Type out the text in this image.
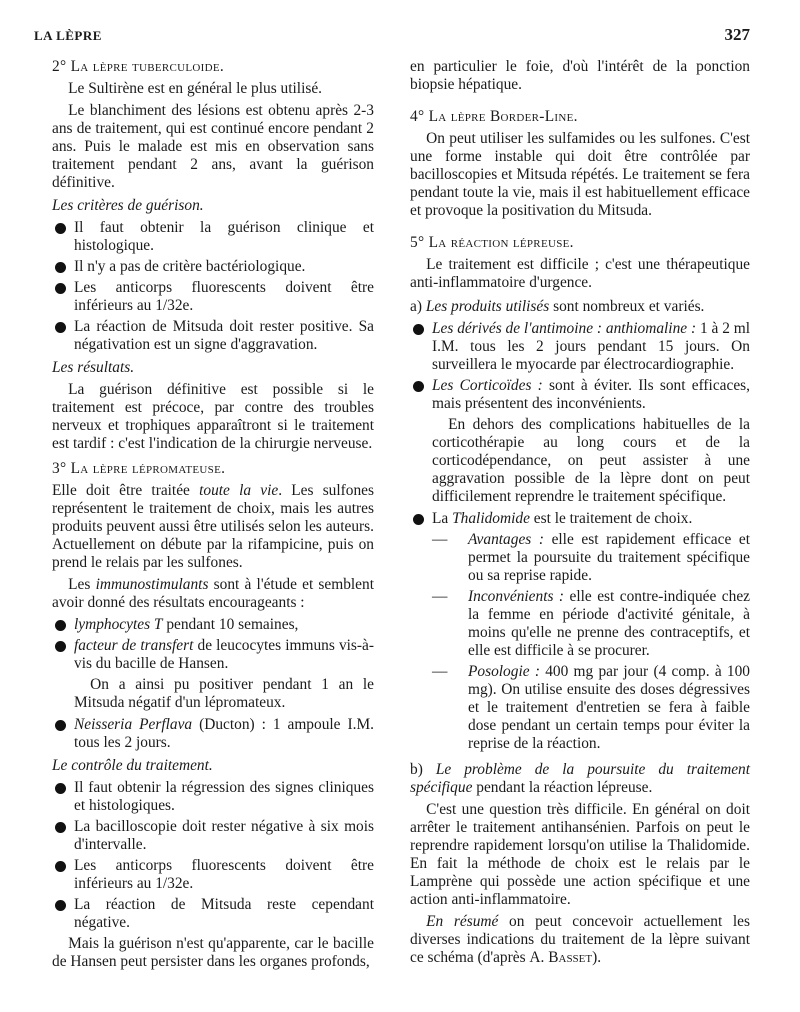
LA LÈPRE	327

2° La lèpre tuberculoide.

Le Sultirène est en général le plus utilisé.

Le blanchiment des lésions est obtenu après 2-3 ans de traitement, qui est continué encore pendant 2 ans. Puis le malade est mis en observation sans traitement pendant 2 ans, avant la guérison définitive.

Les critères de guérison.

Il faut obtenir la guérison clinique et histologique.
Il n'y a pas de critère bactériologique.
Les anticorps fluorescents doivent être inférieurs au 1/32e.
La réaction de Mitsuda doit rester positive. Sa négativation est un signe d'aggravation.

Les résultats.

La guérison définitive est possible si le traitement est précoce, par contre des troubles nerveux et trophiques apparaîtront si le traitement est tardif : c'est l'indication de la chirurgie nerveuse.

3° La lèpre lépromateuse.

Elle doit être traitée toute la vie. Les sulfones représentent le traitement de choix, mais les autres produits peuvent aussi être utilisés selon les auteurs. Actuellement on débute par la rifampicine, puis on prend le relais par les sulfones.

Les immunostimulants sont à l'étude et semblent avoir donné des résultats encourageants :

lymphocytes T pendant 10 semaines,
facteur de transfert de leucocytes immuns vis-à-vis du bacille de Hansen.

On a ainsi pu positiver pendant 1 an le Mitsuda négatif d'un lépromateux.

Neisseria Perflava (Ducton) : 1 ampoule I.M. tous les 2 jours.

Le contrôle du traitement.

Il faut obtenir la régression des signes cliniques et histologiques.
La bacilloscopie doit rester négative à six mois d'intervalle.
Les anticorps fluorescents doivent être inférieurs au 1/32e.
La réaction de Mitsuda reste cependant négative.

Mais la guérison n'est qu'apparente, car le bacille de Hansen peut persister dans les organes profonds,

en particulier le foie, d'où l'intérêt de la ponction biopsie hépatique.

4° La lèpre Border-Line.

On peut utiliser les sulfamides ou les sulfones. C'est une forme instable qui doit être contrôlée par bacilloscopies et Mitsuda répétés. Le traitement se fera pendant toute la vie, mais il est habituellement efficace et provoque la positivation du Mitsuda.

5° La réaction lépreuse.

Le traitement est difficile ; c'est une thérapeutique anti-inflammatoire d'urgence.

a) Les produits utilisés sont nombreux et variés.

Les dérivés de l'antimoine : anthiomaline : 1 à 2 ml I.M. tous les 2 jours pendant 15 jours. On surveillera le myocarde par électrocardiographie.
Les Corticoïdes : sont à éviter. Ils sont efficaces, mais présentent des inconvénients.

En dehors des complications habituelles de la corticothérapie au long cours et de la corticodépendance, on peut assister à une aggravation possible de la lèpre dont on peut difficilement reprendre le traitement spécifique.

La Thalidomide est le traitement de choix.
— Avantages : elle est rapidement efficace et permet la poursuite du traitement spécifique ou sa reprise rapide.
— Inconvénients : elle est contre-indiquée chez la femme en période d'activité génitale, à moins qu'elle ne prenne des contraceptifs, et elle est difficile à se procurer.
— Posologie : 400 mg par jour (4 comp. à 100 mg). On utilise ensuite des doses dégressives et le traitement d'entretien se fera à faible dose pendant un certain temps pour éviter la reprise de la réaction.

b) Le problème de la poursuite du traitement spécifique pendant la réaction lépreuse.

C'est une question très difficile. En général on doit arrêter le traitement antihansénien. Parfois on peut le reprendre rapidement lorsqu'on utilise la Thalidomide. En fait la méthode de choix est le relais par le Lamprène qui possède une action spécifique et une action anti-inflammatoire.

En résumé on peut concevoir actuellement les diverses indications du traitement de la lèpre suivant ce schéma (d'après A. Basset).
